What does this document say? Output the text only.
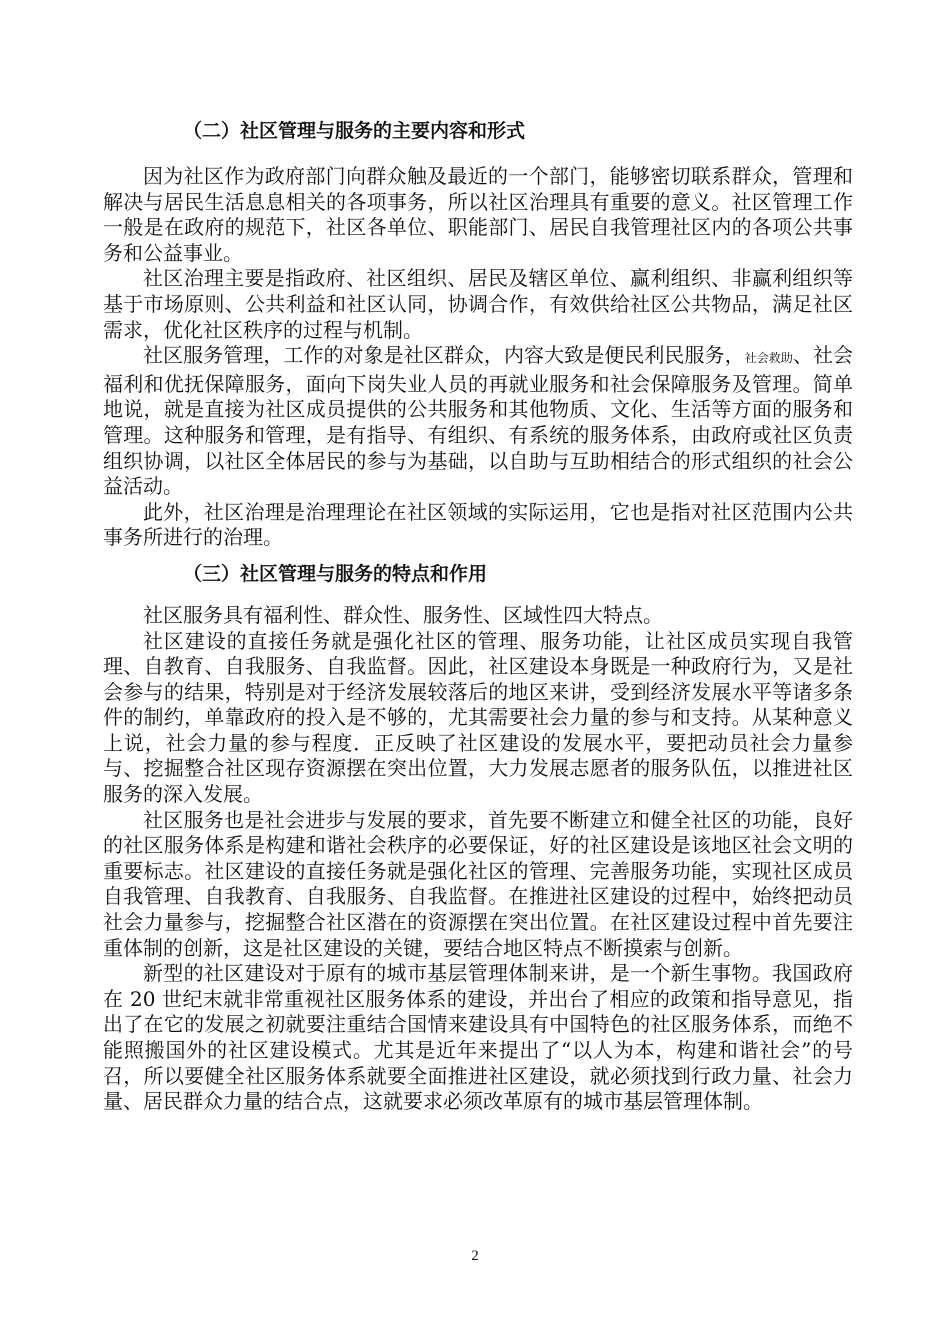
（二）社区管理与服务的主要内容和形式

因为社区作为政府部门向群众触及最近的一个部门，能够密切联系群众，管理和解决与居民生活息息相关的各项事务，所以社区治理具有重要的意义。社区管理工作一般是在政府的规范下，社区各单位、职能部门、居民自我管理社区内的各项公共事务和公益事业。

社区治理主要是指政府、社区组织、居民及辖区单位、赢利组织、非赢利组织等基于市场原则、公共利益和社区认同，协调合作，有效供给社区公共物品，满足社区需求，优化社区秩序的过程与机制。

社区服务管理，工作的对象是社区群众，内容大致是便民利民服务，社会救助、社会福利和优抚保障服务，面向下岗失业人员的再就业服务和社会保障服务及管理。简单地说，就是直接为社区成员提供的公共服务和其他物质、文化、生活等方面的服务和管理。这种服务和管理，是有指导、有组织、有系统的服务体系，由政府或社区负责组织协调，以社区全体居民的参与为基础，以自助与互助相结合的形式组织的社会公益活动。

此外，社区治理是治理理论在社区领域的实际运用，它也是指对社区范围内公共事务所进行的治理。

（三）社区管理与服务的特点和作用

社区服务具有福利性、群众性、服务性、区域性四大特点。

社区建设的直接任务就是强化社区的管理、服务功能，让社区成员实现自我管理、自教育、自我服务、自我监督。因此，社区建设本身既是一种政府行为，又是社会参与的结果，特别是对于经济发展较落后的地区来讲，受到经济发展水平等诸多条件的制约，单靠政府的投入是不够的，尤其需要社会力量的参与和支持。从某种意义上说，社会力量的参与程度．正反映了社区建设的发展水平，要把动员社会力量参与、挖掘整合社区现存资源摆在突出位置，大力发展志愿者的服务队伍，以推进社区服务的深入发展。

社区服务也是社会进步与发展的要求，首先要不断建立和健全社区的功能，良好的社区服务体系是构建和谐社会秩序的必要保证，好的社区建设是该地区社会文明的重要标志。社区建设的直接任务就是强化社区的管理、完善服务功能，实现社区成员自我管理、自我教育、自我服务、自我监督。在推进社区建设的过程中，始终把动员社会力量参与，挖掘整合社区潜在的资源摆在突出位置。在社区建设过程中首先要注重体制的创新，这是社区建设的关键，要结合地区特点不断摸索与创新。

新型的社区建设对于原有的城市基层管理体制来讲，是一个新生事物。我国政府在 20 世纪末就非常重视社区服务体系的建设，并出台了相应的政策和指导意见，指出了在它的发展之初就要注重结合国情来建设具有中国特色的社区服务体系，而绝不能照搬国外的社区建设模式。尤其是近年来提出了“以人为本，构建和谐社会”的号召，所以要健全社区服务体系就要全面推进社区建设，就必须找到行政力量、社会力量、居民群众力量的结合点，这就要求必须改革原有的城市基层管理体制。

2
